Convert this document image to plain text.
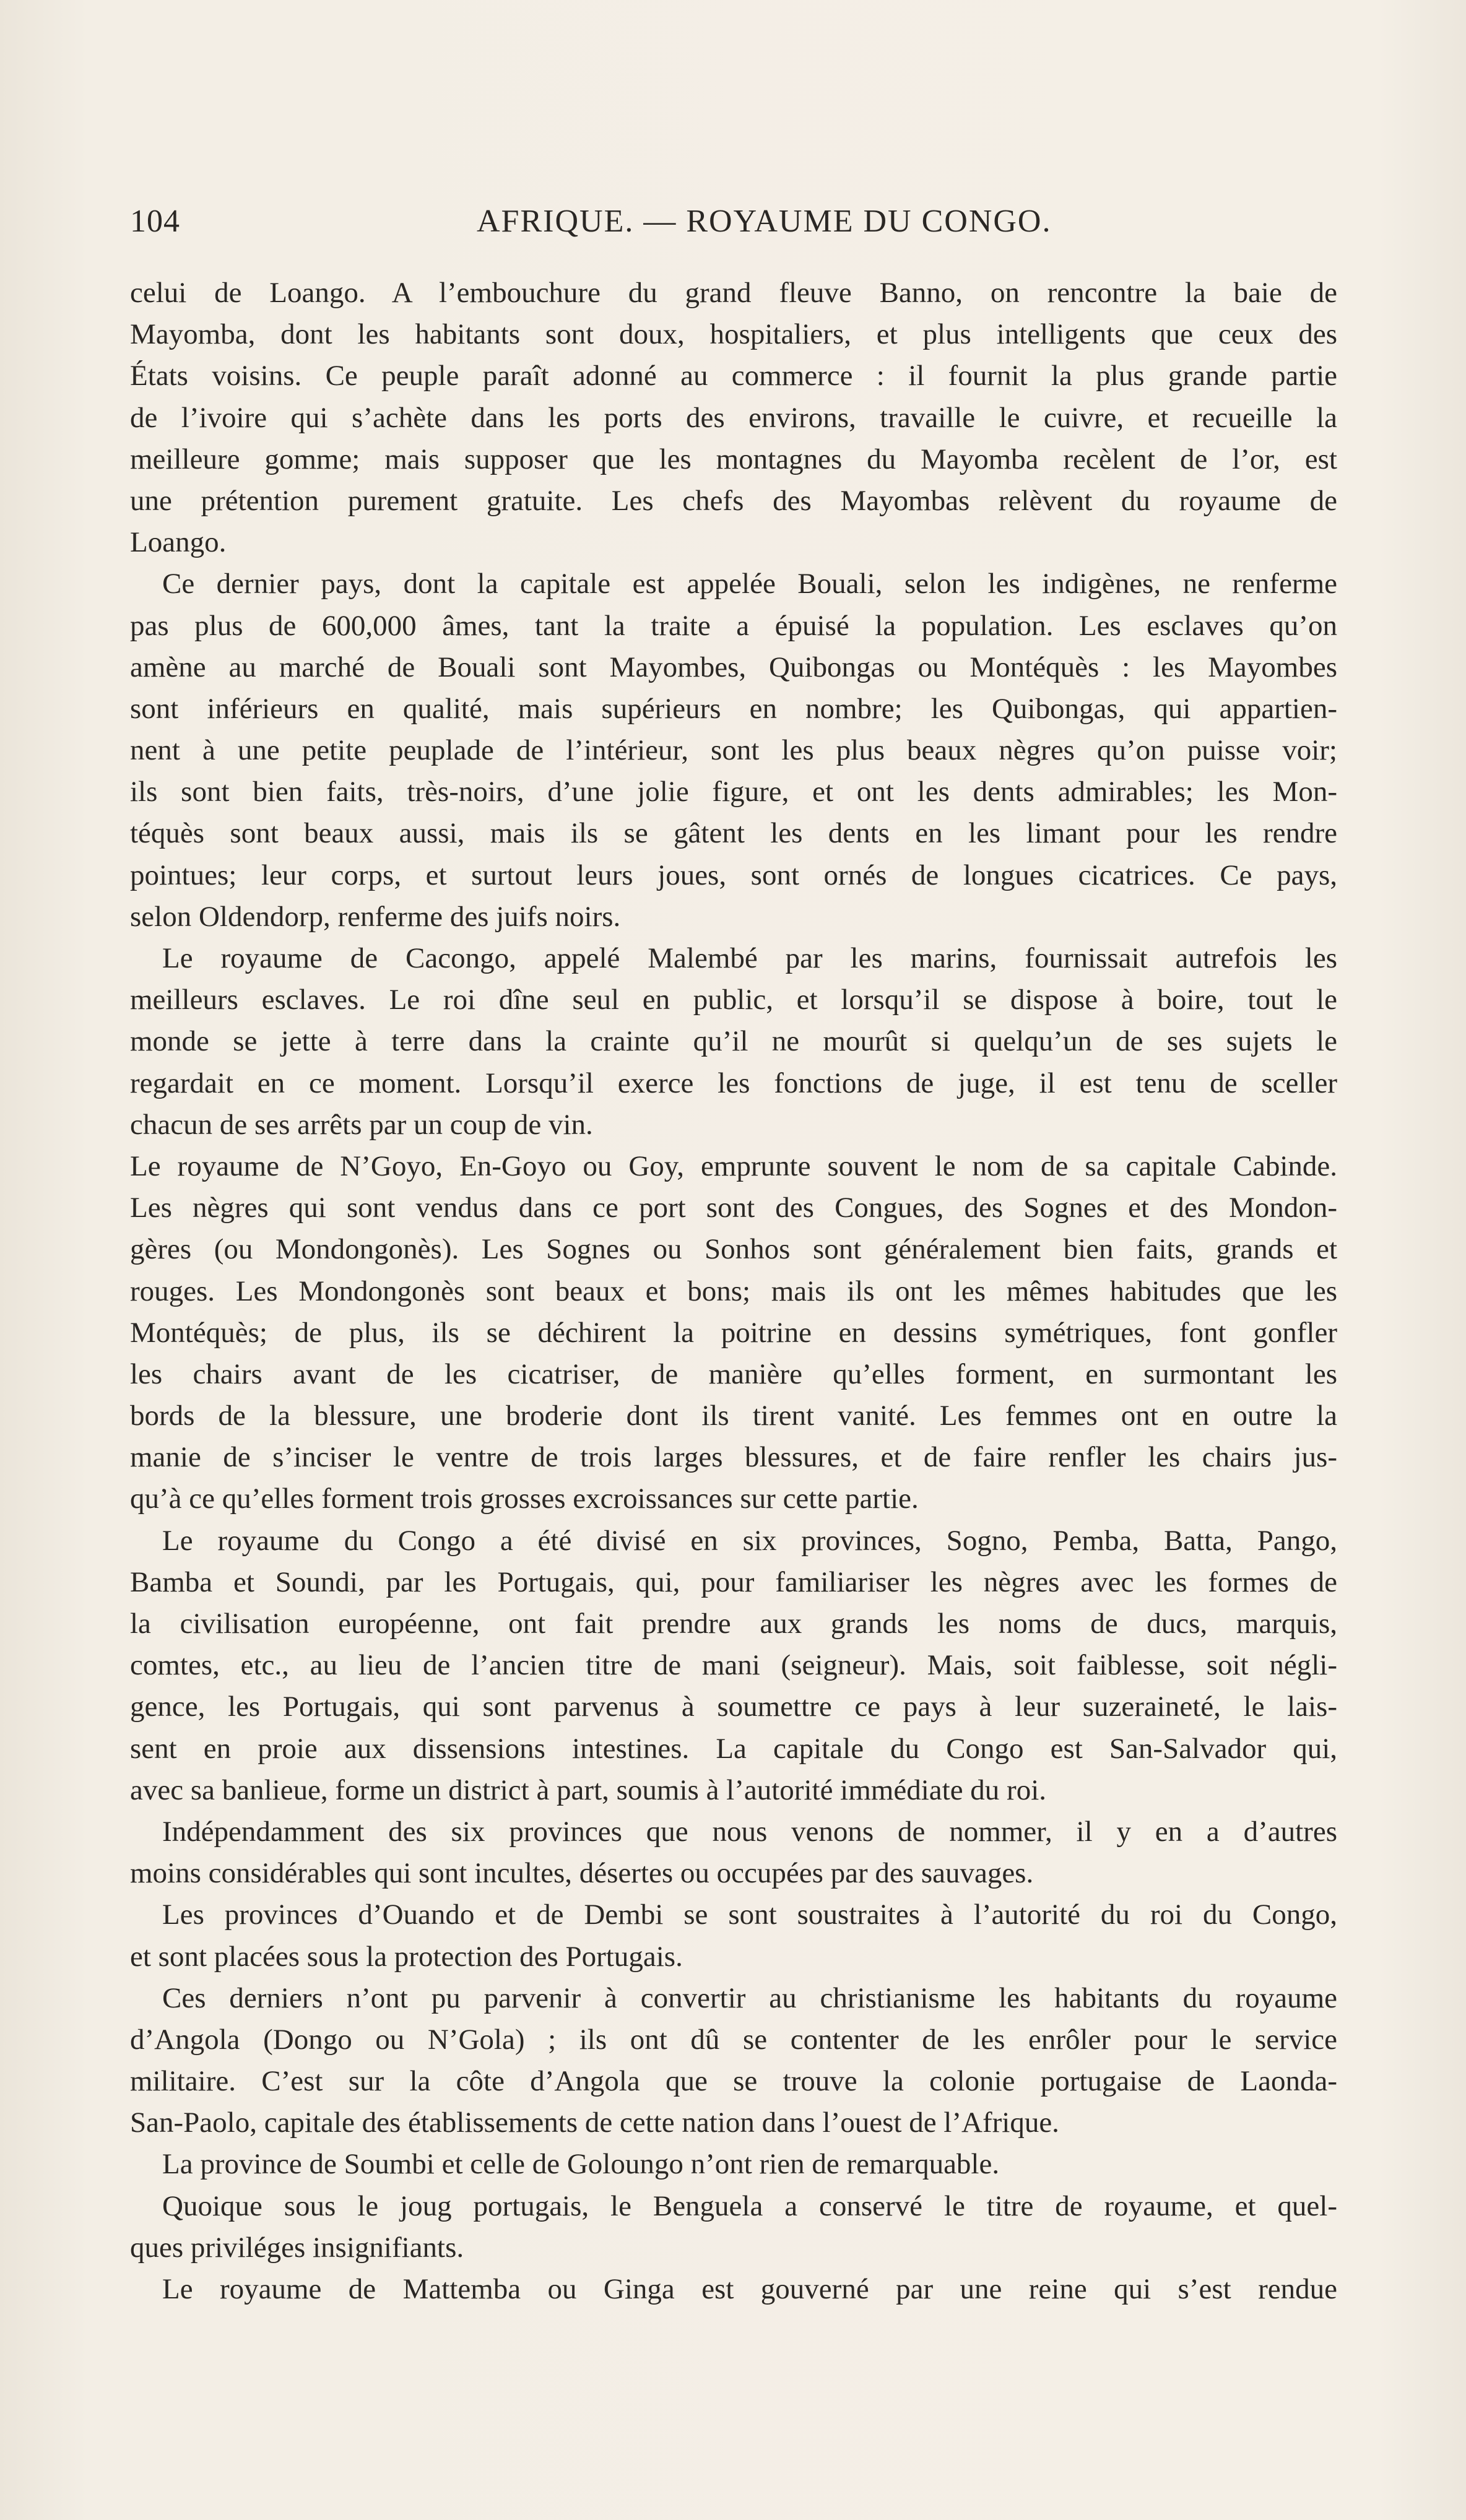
104	AFRIQUE. — ROYAUME DU CONGO.
celui de Loango. A l’embouchure du grand fleuve Banno, on rencontre la baie de
Mayomba, dont les habitants sont doux, hospitaliers, et plus intelligents que ceux des
États voisins. Ce peuple paraît adonné au commerce : il fournit la plus grande partie
de l’ivoire qui s’achète dans les ports des environs, travaille le cuivre, et recueille la
meilleure gomme; mais supposer que les montagnes du Mayomba recèlent de l’or, est
une prétention purement gratuite. Les chefs des Mayombas relèvent du royaume de
Loango.
Ce dernier pays, dont la capitale est appelée Bouali, selon les indigènes, ne renferme
pas plus de 600,000 âmes, tant la traite a épuisé la population. Les esclaves qu’on
amène au marché de Bouali sont Mayombes, Quibongas ou Montéquès : les Mayombes
sont inférieurs en qualité, mais supérieurs en nombre; les Quibongas, qui appartien-
nent à une petite peuplade de l’intérieur, sont les plus beaux nègres qu’on puisse voir;
ils sont bien faits, très-noirs, d’une jolie figure, et ont les dents admirables; les Mon-
téquès sont beaux aussi, mais ils se gâtent les dents en les limant pour les rendre
pointues; leur corps, et surtout leurs joues, sont ornés de longues cicatrices. Ce pays,
selon Oldendorp, renferme des juifs noirs.
Le royaume de Cacongo, appelé Malembé par les marins, fournissait autrefois les
meilleurs esclaves. Le roi dîne seul en public, et lorsqu’il se dispose à boire, tout le
monde se jette à terre dans la crainte qu’il ne mourût si quelqu’un de ses sujets le
regardait en ce moment. Lorsqu’il exerce les fonctions de juge, il est tenu de sceller
chacun de ses arrêts par un coup de vin.
Le royaume de N’Goyo, En-Goyo ou Goy, emprunte souvent le nom de sa capitale Cabinde.
Les nègres qui sont vendus dans ce port sont des Congues, des Sognes et des Mondon-
gères (ou Mondongonès). Les Sognes ou Sonhos sont généralement bien faits, grands et
rouges. Les Mondongonès sont beaux et bons; mais ils ont les mêmes habitudes que les
Montéquès; de plus, ils se déchirent la poitrine en dessins symétriques, font gonfler
les chairs avant de les cicatriser, de manière qu’elles forment, en surmontant les
bords de la blessure, une broderie dont ils tirent vanité. Les femmes ont en outre la
manie de s’inciser le ventre de trois larges blessures, et de faire renfler les chairs jus-
qu’à ce qu’elles forment trois grosses excroissances sur cette partie.
Le royaume du Congo a été divisé en six provinces, Sogno, Pemba, Batta, Pango,
Bamba et Soundi, par les Portugais, qui, pour familiariser les nègres avec les formes de
la civilisation européenne, ont fait prendre aux grands les noms de ducs, marquis,
comtes, etc., au lieu de l’ancien titre de mani (seigneur). Mais, soit faiblesse, soit négli-
gence, les Portugais, qui sont parvenus à soumettre ce pays à leur suzeraineté, le lais-
sent en proie aux dissensions intestines. La capitale du Congo est San-Salvador qui,
avec sa banlieue, forme un district à part, soumis à l’autorité immédiate du roi.
Indépendamment des six provinces que nous venons de nommer, il y en a d’autres
moins considérables qui sont incultes, désertes ou occupées par des sauvages.
Les provinces d’Ouando et de Dembi se sont soustraites à l’autorité du roi du Congo,
et sont placées sous la protection des Portugais.
Ces derniers n’ont pu parvenir à convertir au christianisme les habitants du royaume
d’Angola (Dongo ou N’Gola) ; ils ont dû se contenter de les enrôler pour le service
militaire. C’est sur la côte d’Angola que se trouve la colonie portugaise de Laonda-
San-Paolo, capitale des établissements de cette nation dans l’ouest de l’Afrique.
La province de Soumbi et celle de Goloungo n’ont rien de remarquable.
Quoique sous le joug portugais, le Benguela a conservé le titre de royaume, et quel-
ques priviléges insignifiants.
Le royaume de Mattemba ou Ginga est gouverné par une reine qui s’est rendue
